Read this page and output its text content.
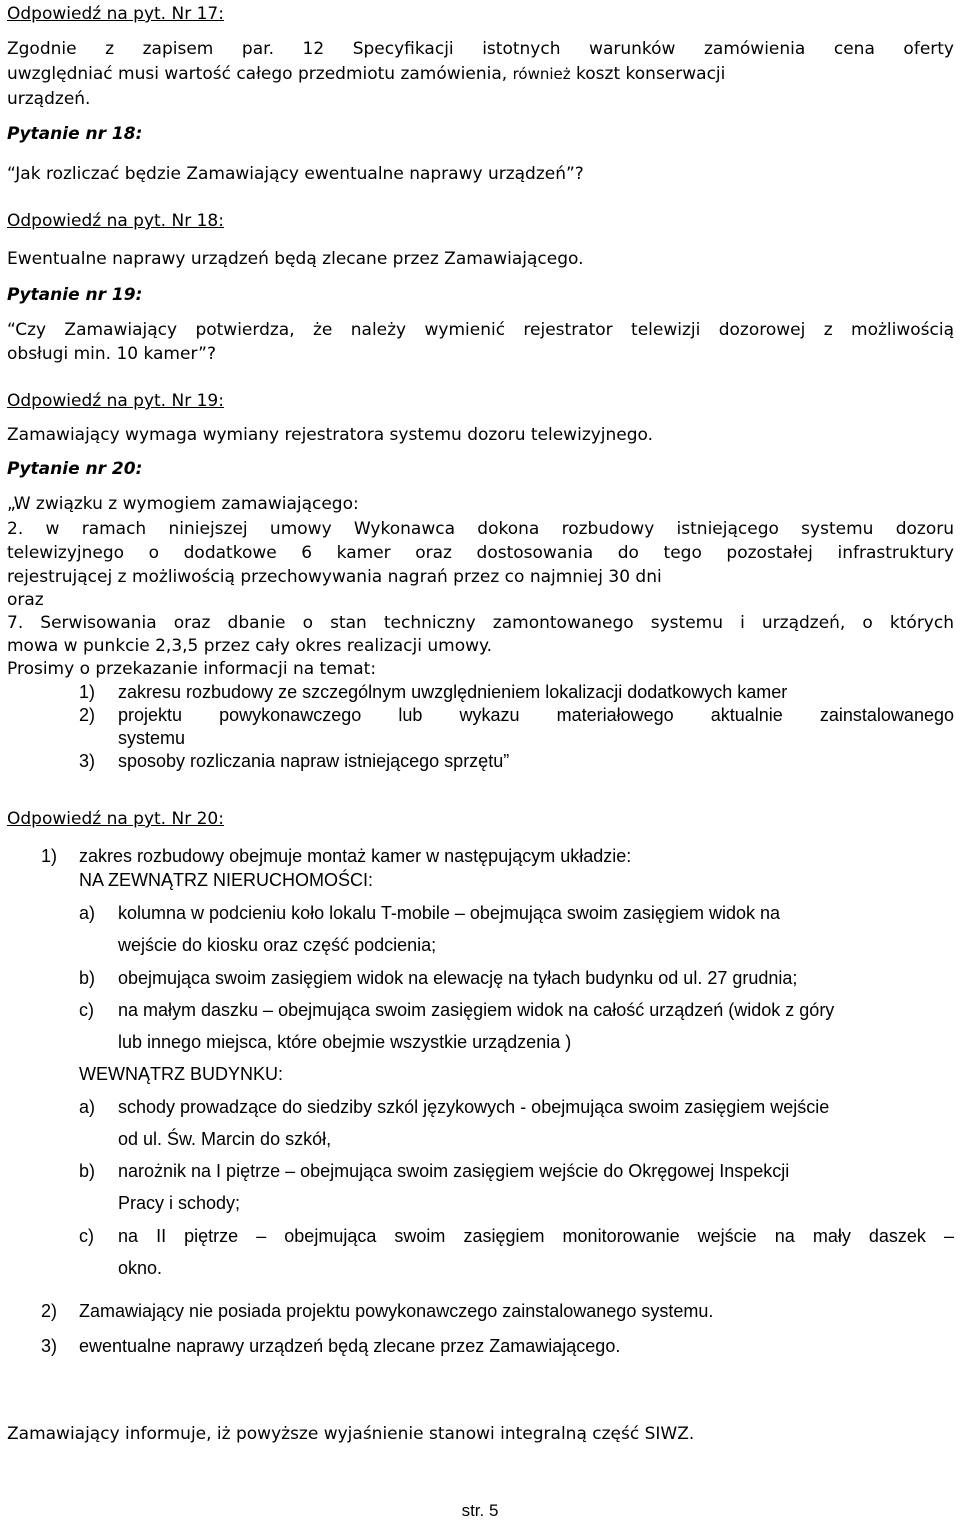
Odpowiedź na pyt. Nr 17:
Zgodnie z zapisem par. 12 Specyfikacji istotnych warunków zamówienia cena oferty
uwzględniać musi wartość całego przedmiotu zamówienia, również koszt konserwacji
urządzeń.
Pytanie nr 18:
“Jak rozliczać będzie Zamawiający ewentualne naprawy urządzeń”?
Odpowiedź na pyt. Nr 18:
Ewentualne naprawy urządzeń będą zlecane przez Zamawiającego.
Pytanie nr 19:
“Czy Zamawiający potwierdza, że należy wymienić rejestrator telewizji dozorowej z możliwością
obsługi min. 10 kamer”?
Odpowiedź na pyt. Nr 19:
Zamawiający wymaga wymiany rejestratora systemu dozoru telewizyjnego.
Pytanie nr 20:
„W związku z wymogiem zamawiającego:
2. w ramach niniejszej umowy Wykonawca dokona rozbudowy istniejącego systemu dozoru
telewizyjnego o dodatkowe 6 kamer oraz dostosowania do tego pozostałej infrastruktury
rejestrującej z możliwością przechowywania nagrań przez co najmniej 30 dni
oraz
7. Serwisowania oraz dbanie o stan techniczny zamontowanego systemu i urządzeń, o których
mowa w punkcie 2,3,5 przez cały okres realizacji umowy.
Prosimy o przekazanie informacji na temat:
1) zakresu rozbudowy ze szczególnym uwzględnieniem lokalizacji dodatkowych kamer
2) projektu powykonawczego lub wykazu materiałowego aktualnie zainstalowanego
systemu
3) sposoby rozliczania napraw istniejącego sprzętu”
Odpowiedź na pyt. Nr 20:
1) zakres rozbudowy obejmuje montaż kamer w następującym układzie:
NA ZEWNĄTRZ NIERUCHOMOŚCI:
a) kolumna w podcieniu koło lokalu T-mobile – obejmująca swoim zasięgiem widok na
wejście do kiosku oraz część podcienia;
b) obejmująca swoim zasięgiem widok na elewację na tyłach budynku od ul. 27 grudnia;
c) na małym daszku – obejmująca swoim zasięgiem widok na całość urządzeń (widok z góry
lub innego miejsca, które obejmie wszystkie urządzenia )
WEWNĄTRZ BUDYNKU:
a) schody prowadzące do siedziby szkól językowych - obejmująca swoim zasięgiem wejście
od ul. Św. Marcin do szkół,
b) narożnik na I piętrze – obejmująca swoim zasięgiem wejście do Okręgowej Inspekcji
Pracy i schody;
c) na II piętrze – obejmująca swoim zasięgiem monitorowanie wejście na mały daszek –
okno.
2) Zamawiający nie posiada projektu powykonawczego zainstalowanego systemu.
3) ewentualne naprawy urządzeń będą zlecane przez Zamawiającego.
Zamawiający informuje, iż powyższe wyjaśnienie stanowi integralną część SIWZ.
str. 5
